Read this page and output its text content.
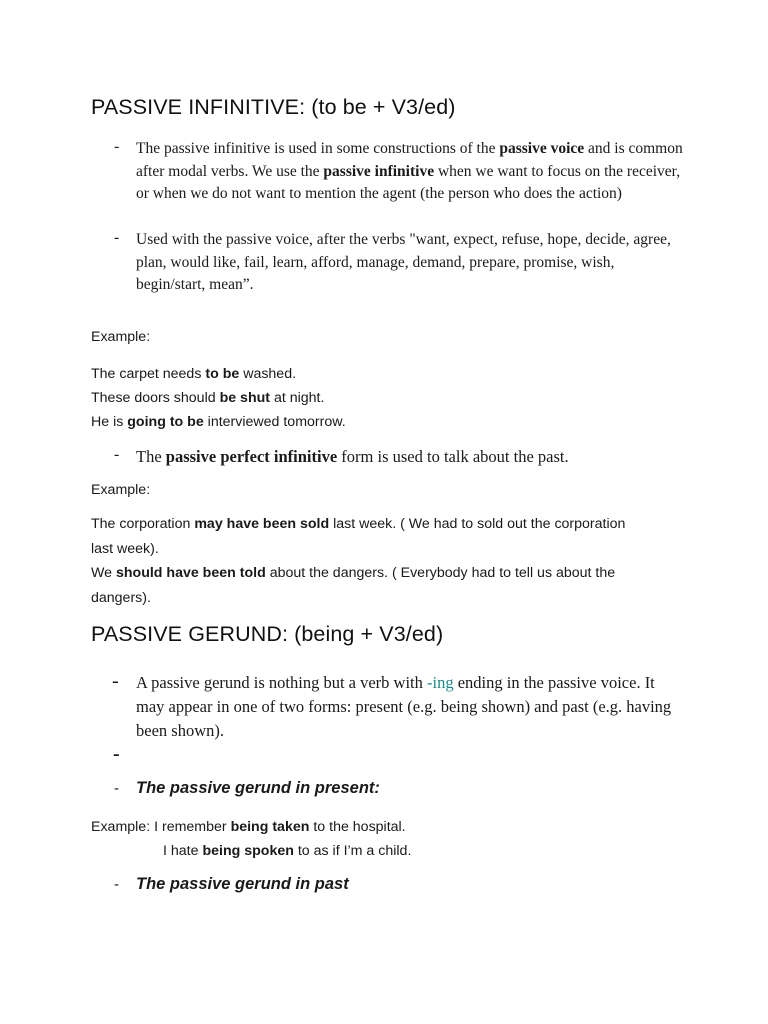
PASSIVE INFINITIVE: (to be + V3/ed)
- The passive infinitive is used in some constructions of the passive voice and is common after modal verbs. We use the passive infinitive when we want to focus on the receiver, or when we do not want to mention the agent (the person who does the action)
- Used with the passive voice, after the verbs "want, expect, refuse, hope, decide, agree, plan, would like, fail, learn, afford, manage, demand, prepare, promise, wish, begin/start, mean”.
Example:
The carpet needs to be washed.
These doors should be shut at night.
He is going to be interviewed tomorrow.
- The passive perfect infinitive form is used to talk about the past.
Example:
The corporation may have been sold last week. ( We had to sold out the corporation last week).
We should have been told about the dangers. ( Everybody had to tell us about the dangers).
PASSIVE GERUND: (being + V3/ed)
- A passive gerund is nothing but a verb with -ing ending in the passive voice. It may appear in one of two forms: present (e.g. being shown) and past (e.g. having been shown).
-
- The passive gerund in present:
Example: I remember being taken to the hospital.
I hate being spoken to as if I’m a child.
- The passive gerund in past
